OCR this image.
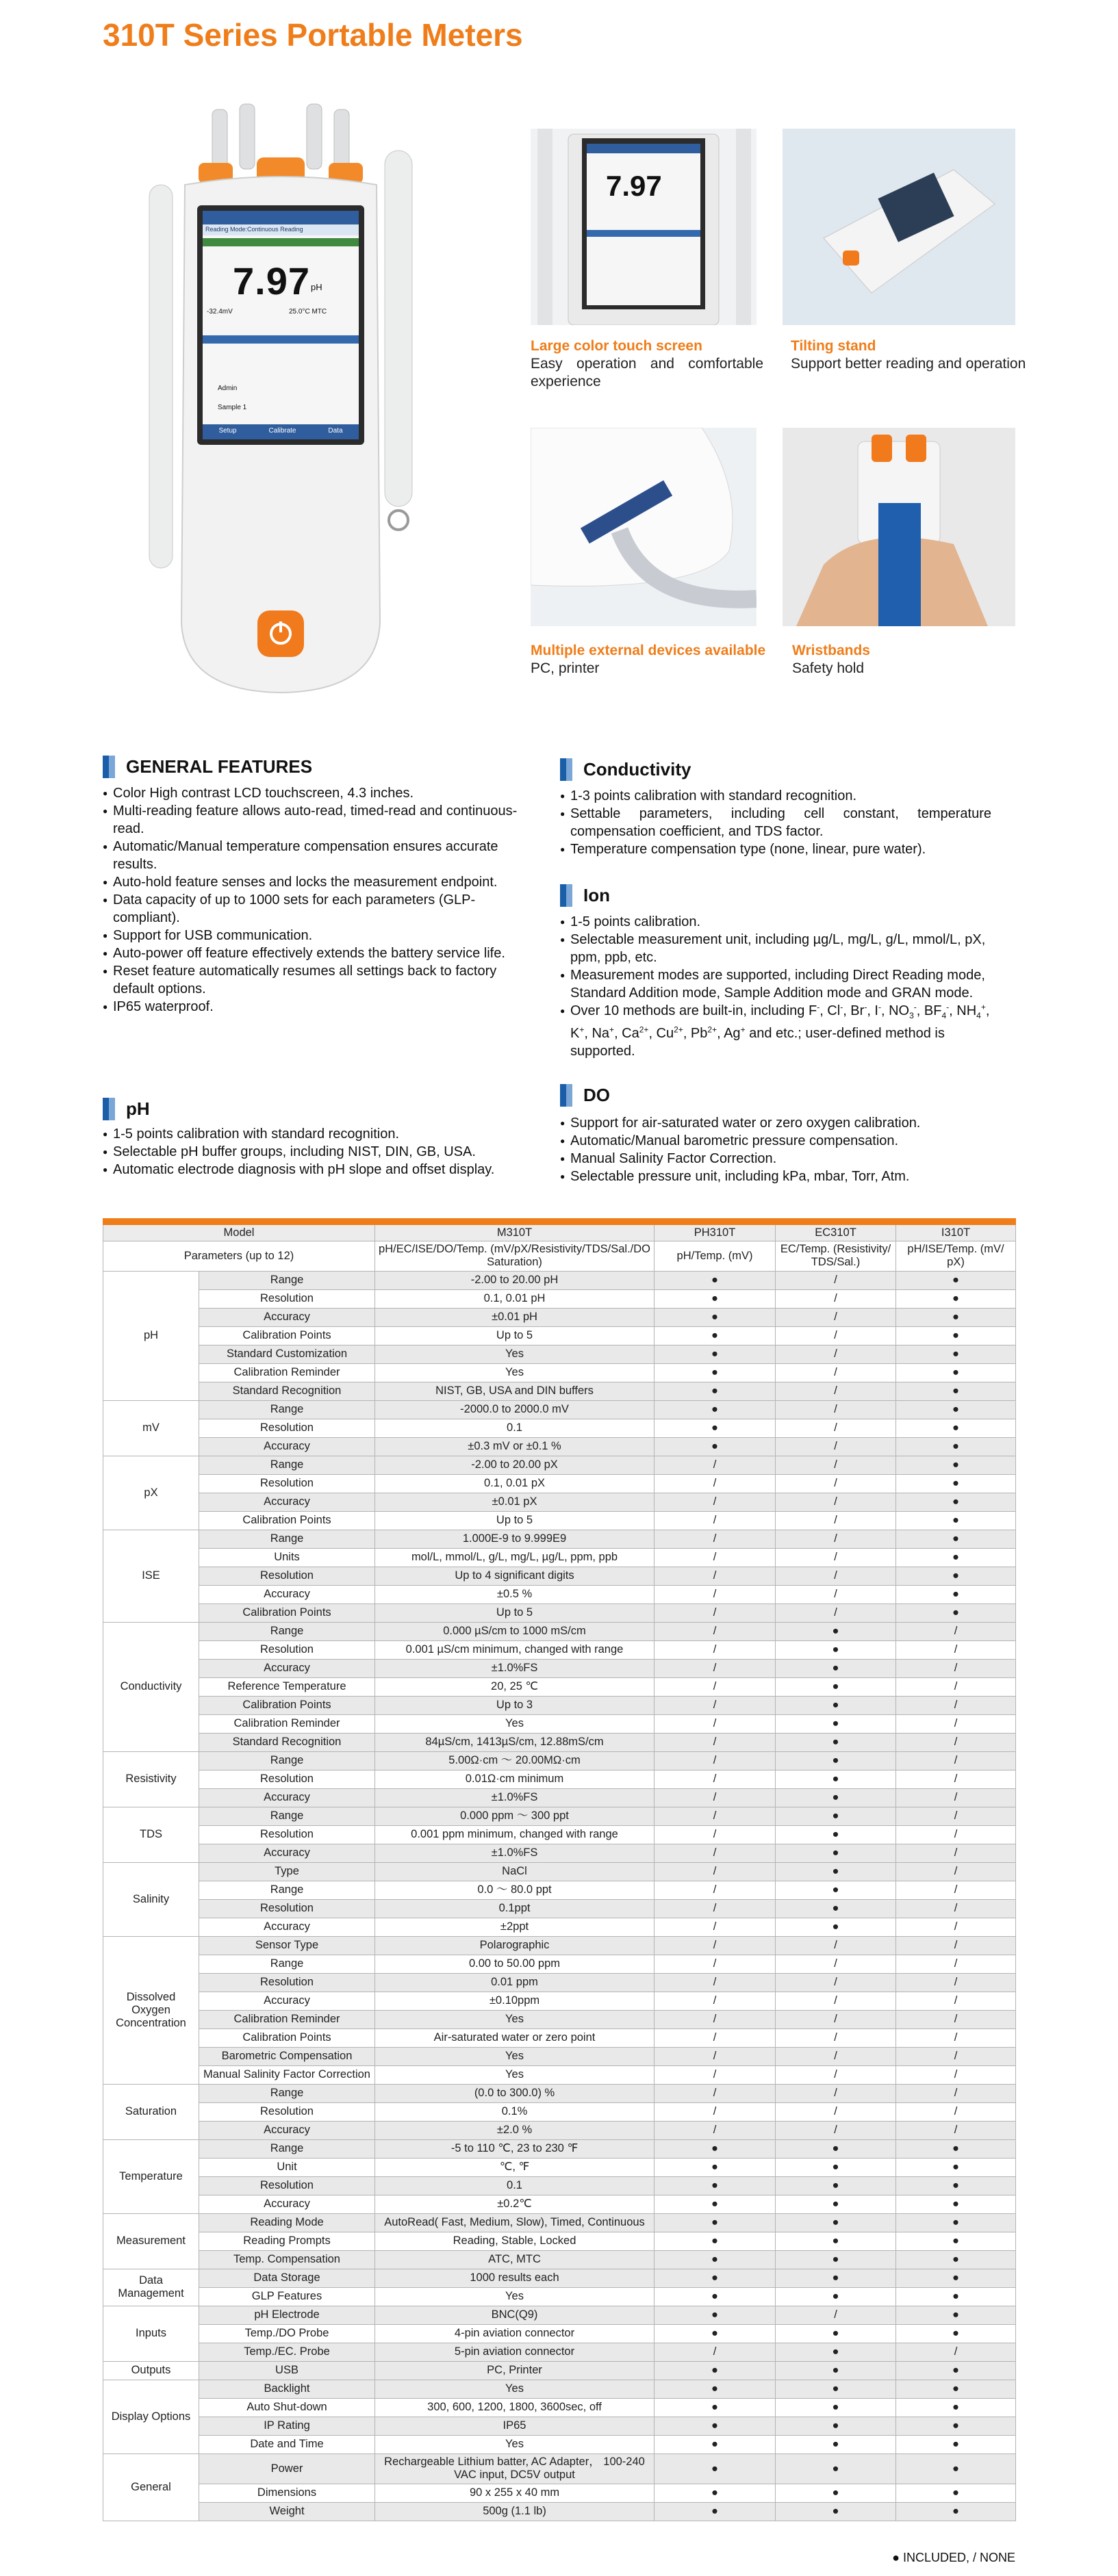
310T Series Portable Meters
7.97 pH
-32.4mV	25.0°C MTC
Reading Mode:Continuous Reading
Admin
Sample 1
Setup	Calibrate	Data
7.97
Large color touch screen
Easy operation and comfortable experience
Tilting stand
Support better reading and operation
Multiple external devices available
PC, printer
Wristbands
Safety hold
GENERAL FEATURES
● Color High contrast LCD touchscreen, 4.3 inches.
● Multi-reading feature allows auto-read, timed-read and continuous-read.
● Automatic/Manual temperature compensation ensures accurate results.
● Auto-hold feature senses and locks the measurement endpoint.
● Data capacity of up to 1000 sets for each parameters (GLP-compliant).
● Support for USB communication.
● Auto-power off feature effectively extends the battery service life.
● Reset feature automatically resumes all settings back to factory default options.
● IP65 waterproof.
Conductivity
● 1-3 points calibration with standard recognition.
● Settable parameters, including cell constant, temperature compensation coefficient, and TDS factor.
● Temperature compensation type (none, linear, pure water).
Ion
● 1-5 points calibration.
● Selectable measurement unit, including µg/L, mg/L, g/L, mmol/L, pX, ppm, ppb, etc.
● Measurement modes are supported, including Direct Reading mode, Standard Addition mode, Sample Addition mode and GRAN mode.
● Over 10 methods are built-in, including F-, Cl-, Br-, I-, $NO_3^-$, $BF_4^-$, $NH_4^+$, K+, Na+, $Ca^{2+}$, $Cu^{2+}$, $Pb^{2+}$, Ag+ and etc.; user-defined method is supported.
pH
● 1-5 points calibration with standard recognition.
● Selectable pH buffer groups, including NIST, DIN, GB, USA.
● Automatic electrode diagnosis with pH slope and offset display.
DO
● Support for air-saturated water or zero oxygen calibration.
● Automatic/Manual barometric pressure compensation.
● Manual Salinity Factor Correction.
● Selectable pressure unit, including kPa, mbar, Torr, Atm.
Model		M310T	PH310T	EC310T	I310T
Parameters (up to 12)		pH/EC/ISE/DO/Temp. (mV/pX/Resistivity/TDS/Sal./DO Saturation)	pH/Temp. (mV)	EC/Temp. (Resistivity/ TDS/Sal.)	pH/ISE/Temp. (mV/ pX)
pH	Range	-2.00 to 20.00 pH	●	/	●
	Resolution	0.1, 0.01 pH	●	/	●
	Accuracy	±0.01 pH	●	/	●
	Calibration Points	Up to 5	●	/	●
	Standard Customization	Yes	●	/	●
	Calibration Reminder	Yes	●	/	●
	Standard Recognition	NIST, GB, USA and DIN buffers	●	/	●
mV	Range	-2000.0 to 2000.0 mV	●	/	●
	Resolution	0.1	●	/	●
	Accuracy	±0.3 mV or ±0.1 %	●	/	●
pX	Range	-2.00 to 20.00 pX	/	/	●
	Resolution	0.1, 0.01 pX	/	/	●
	Accuracy	±0.01 pX	/	/	●
	Calibration Points	Up to 5	/	/	●
ISE	Range	1.000E-9 to 9.999E9	/	/	●
	Units	mol/L, mmol/L, g/L, mg/L, µg/L, ppm, ppb	/	/	●
	Resolution	Up to 4 significant digits	/	/	●
	Accuracy	±0.5 %	/	/	●
	Calibration Points	Up to 5	/	/	●
Conductivity	Range	0.000 µS/cm to 1000 mS/cm	/	●	/
	Resolution	0.001 µS/cm minimum, changed with range	/	●	/
	Accuracy	±1.0%FS	/	●	/
	Reference Temperature	20, 25 ℃	/	●	/
	Calibration Points	Up to 3	/	●	/
	Calibration Reminder	Yes	/	●	/
	Standard Recognition	84µS/cm, 1413µS/cm, 12.88mS/cm	/	●	/
Resistivity	Range	5.00Ω·cm ～ 20.00MΩ·cm	/	●	/
	Resolution	0.01Ω·cm minimum	/	●	/
	Accuracy	±1.0%FS	/	●	/
TDS	Range	0.000 ppm ～ 300 ppt	/	●	/
	Resolution	0.001 ppm minimum, changed with range	/	●	/
	Accuracy	±1.0%FS	/	●	/
Salinity	Type	NaCl	/	●	/
	Range	0.0 ～ 80.0 ppt	/	●	/
	Resolution	0.1ppt	/	●	/
	Accuracy	±2ppt	/	●	/
Dissolved Oxygen Concentration	Sensor Type	Polarographic	/	/	/
	Range	0.00 to 50.00 ppm	/	/	/
	Resolution	0.01 ppm	/	/	/
	Accuracy	±0.10ppm	/	/	/
	Calibration Reminder	Yes	/	/	/
	Calibration Points	Air-saturated water or zero point	/	/	/
	Barometric Compensation	Yes	/	/	/
	Manual Salinity Factor Correction	Yes	/	/	/
Saturation	Range	(0.0 to 300.0) %	/	/	/
	Resolution	0.1%	/	/	/
	Accuracy	±2.0 %	/	/	/
Temperature	Range	-5 to 110 ℃, 23 to 230 ℉	●	●	●
	Unit	℃, ℉	●	●	●
	Resolution	0.1	●	●	●
	Accuracy	±0.2℃	●	●	●
Measurement	Reading Mode	AutoRead( Fast, Medium, Slow), Timed, Continuous	●	●	●
	Reading Prompts	Reading, Stable, Locked	●	●	●
	Temp. Compensation	ATC, MTC	●	●	●
Data Management	Data Storage	1000 results each	●	●	●
	GLP Features	Yes	●	●	●
Inputs	pH Electrode	BNC(Q9)	●	/	●
	Temp./DO Probe	4-pin aviation connector	●	●	●
	Temp./EC. Probe	5-pin aviation connector	/	●	/
Outputs	USB	PC, Printer	●	●	●
Display Options	Backlight	Yes	●	●	●
	Auto Shut-down	300, 600, 1200, 1800, 3600sec, off	●	●	●
	IP Rating	IP65	●	●	●
	Date and Time	Yes	●	●	●
General	Power	Rechargeable Lithium batter, AC Adapter， 100-240 VAC input, DC5V output	●	●	●
	Dimensions	90 x 255 x 40 mm	●	●	●
	Weight	500g (1.1 lb)	●	●	●
● INCLUDED, / NONE
